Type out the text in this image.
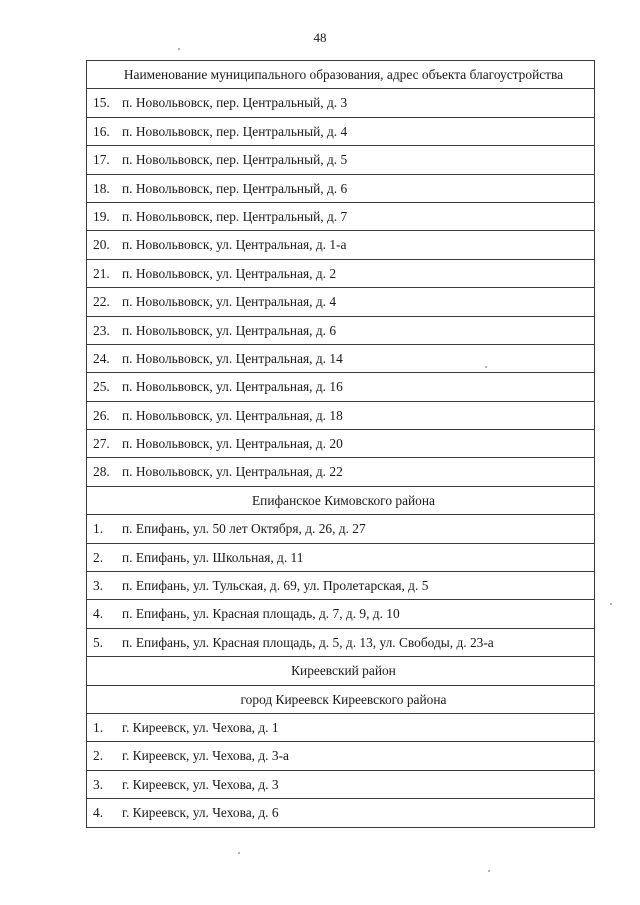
48
Наименование муниципального образования, адрес объекта благоустройства
15. п. Новольвовск, пер. Центральный, д. 3
16. п. Новольвовск, пер. Центральный, д. 4
17. п. Новольвовск, пер. Центральный, д. 5
18. п. Новольвовск, пер. Центральный, д. 6
19. п. Новольвовск, пер. Центральный, д. 7
20. п. Новольвовск, ул. Центральная, д. 1-а
21. п. Новольвовск, ул. Центральная, д. 2
22. п. Новольвовск, ул. Центральная, д. 4
23. п. Новольвовск, ул. Центральная, д. 6
24. п. Новольвовск, ул. Центральная, д. 14
25. п. Новольвовск, ул. Центральная, д. 16
26. п. Новольвовск, ул. Центральная, д. 18
27. п. Новольвовск, ул. Центральная, д. 20
28. п. Новольвовск, ул. Центральная, д. 22
Епифанское Кимовского района
1. п. Епифань, ул. 50 лет Октября, д. 26, д. 27
2. п. Епифань, ул. Школьная, д. 11
3. п. Епифань, ул. Тульская, д. 69, ул. Пролетарская, д. 5
4. п. Епифань, ул. Красная площадь, д. 7, д. 9, д. 10
5. п. Епифань, ул. Красная площадь, д. 5, д. 13, ул. Свободы, д. 23-а
Киреевский район
город Киреевск Киреевского района
1. г. Киреевск, ул. Чехова, д. 1
2. г. Киреевск, ул. Чехова, д. 3-а
3. г. Киреевск, ул. Чехова, д. 3
4. г. Киреевск, ул. Чехова, д. 6
